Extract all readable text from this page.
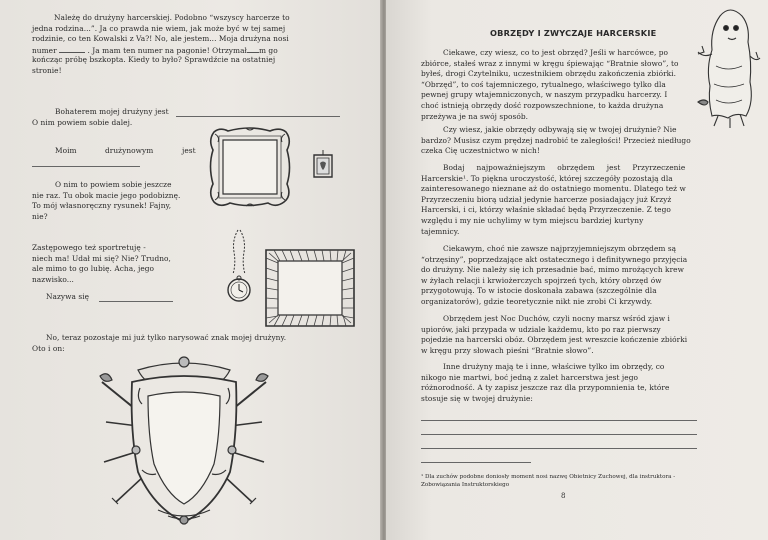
Należę do drużyny harcerskiej. Podobno “wszyscy harcerze to

jedna rodzina...”. Ja co prawda nie wiem, jak może być w tej samej

rodzinie, co ten Kowalski z Va?! No, ale jestem... Moja drużyna nosi

numer	. Ja mam ten numer na pagonie! Otrzymał m go

kończąc próbę bszkopta. Kiedy to było? Sprawdźcie na ostatniej

stronie!

Bohaterem mojej drużyny jest

O nim powiem sobie dalej.

Moim	drużynowym	jest

O nim to powiem sobie jeszcze

nie raz. Tu obok macie jego podobiznę.

To mój własnoręczny rysunek! Fajny,

nie?

Zastępowego też sportretuję -

niech ma! Udał mi się? Nie? Trudno,

ale mimo to go lubię. Acha, jego

nazwisko...

Nazywa się

No, teraz pozostaje mi już tylko narysować znak mojej drużyny.

Oto i on:

OBRZĘDY I ZWYCZAJE HARCERSKIE

Ciekawe, czy wiesz, co to jest obrzęd? Jeśli w harcówce, po

zbiórce, stałeś wraz z innymi w kręgu śpiewając “Bratnie słowo”, to

byłeś, drogi Czytelniku, uczestnikiem obrzędu zakończenia zbiórki.

“Obrzęd”, to coś tajemniczego, rytualnego, właściwego tylko dla

pewnej grupy wtajemniczonych, w naszym przypadku harcerzy. I

choć istnieją obrzędy dość rozpowszechnione, to każda drużyna

przeżywa je na swój sposób.

Czy wiesz, jakie obrzędy odbywają się w twojej drużynie? Nie

bardzo? Musisz czym prędzej nadrobić te zaległości! Przecież niedługo

czeka Cię uczestnictwo w nich!

Bodaj     najpoważniejszym     obrzędem     jest     Przyrzeczenie

Harcerskie¹. To piękna uroczystość, której szczegóły pozostają dla

zainteresowanego nieznane aż do ostatniego momentu. Dlatego też w

Przyrzeczeniu biorą udział jedynie harcerze posiadający już Krzyż

Harcerski, i ci, którzy właśnie składać będą Przyrzeczenie. Z tego

względu i my nie uchylimy w tym miejscu bardziej kurtyny

tajemnicy.

Ciekawym, choć nie zawsze najprzyjemniejszym obrzędem są

“otrzęsiny”, poprzedzające akt ostatecznego i definitywnego przyjęcia

do drużyny. Nie należy się ich przesadnie bać, mimo mrożących krew

w żyłach relacji i krwiożerczych spojrzeń tych, który obrzęd ów

przygotowują. To w istocie doskonała zabawa (szczególnie dla

organizatorów), gdzie teoretycznie nikt nie zrobi Ci krzywdy.

Obrzędem jest Noc Duchów, czyli nocny marsz wśród zjaw i

upiorów, jaki przypada w udziale każdemu, kto po raz pierwszy

pojedzie na harcerski obóz. Obrzędem jest wreszcie kończenie zbiórki

w kręgu przy słowach pieśni “Bratnie słowo”.

Inne drużyny mają te i inne, właściwe tylko im obrzędy, co

nikogo nie martwi, boć jedną z zalet harcerstwa jest jego

różnorodność. A ty zapisz jeszcze raz dla przypomnienia te, które

stosuje się w twojej drużynie:

¹ Dla zuchów podobne doniosły moment nosi nazwę Obietnicy Zuchowej, dla instruktora -

Zobowiązania Instruktorskiego

8
